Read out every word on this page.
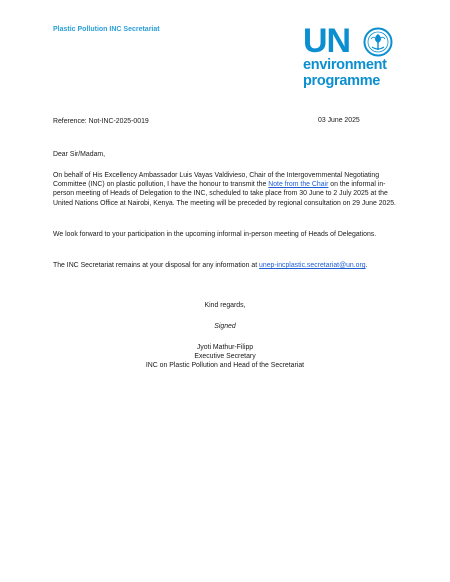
Plastic Pollution INC Secretariat	UN
environment
programme
Reference: Not-INC-2025-0019	03 June 2025
Dear Sir/Madam,
On behalf of His Excellency Ambassador Luis Vayas Valdivieso, Chair of the Intergovernmental Negotiating Committee (INC) on plastic pollution, I have the honour to transmit the Note from the Chair on the informal in-person meeting of Heads of Delegation to the INC, scheduled to take place from 30 June to 2 July 2025 at the United Nations Office at Nairobi, Kenya. The meeting will be preceded by regional consultation on 29 June 2025.
We look forward to your participation in the upcoming informal in-person meeting of Heads of Delegations.
The INC Secretariat remains at your disposal for any information at unep-incplastic.secretariat@un.org.
Kind regards,
Signed
Jyoti Mathur-Filipp
Executive Secretary
INC on Plastic Pollution and Head of the Secretariat
